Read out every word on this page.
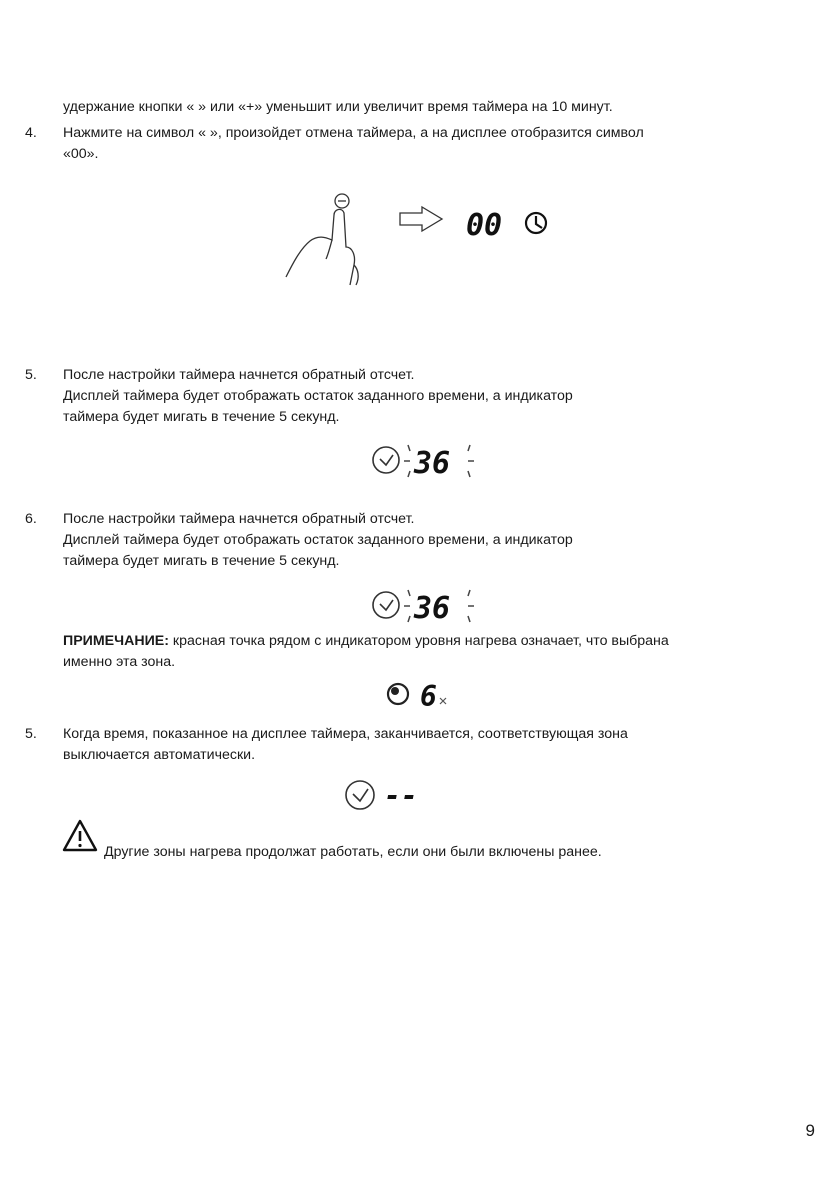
удержание кнопки « » или «+» уменьшит или увеличит время таймера на 10 минут.
4. Нажмите на символ « », произойдет отмена таймера, а на дисплее отобразится символ
«00».
00
5. После настройки таймера начнется обратный отсчет.
Дисплей таймера будет отображать остаток заданного времени, а индикатор
таймера будет мигать в течение 5 секунд.
36
6. После настройки таймера начнется обратный отсчет.
Дисплей таймера будет отображать остаток заданного времени, а индикатор
таймера будет мигать в течение 5 секунд.
36
ПРИМЕЧАНИЕ: красная точка рядом с индикатором уровня нагрева означает, что выбрана
именно эта зона.
6
5. Когда время, показанное на дисплее таймера, заканчивается, соответствующая зона
выключается автоматически.
--
Другие зоны нагрева продолжат работать, если они были включены ранее.
9
